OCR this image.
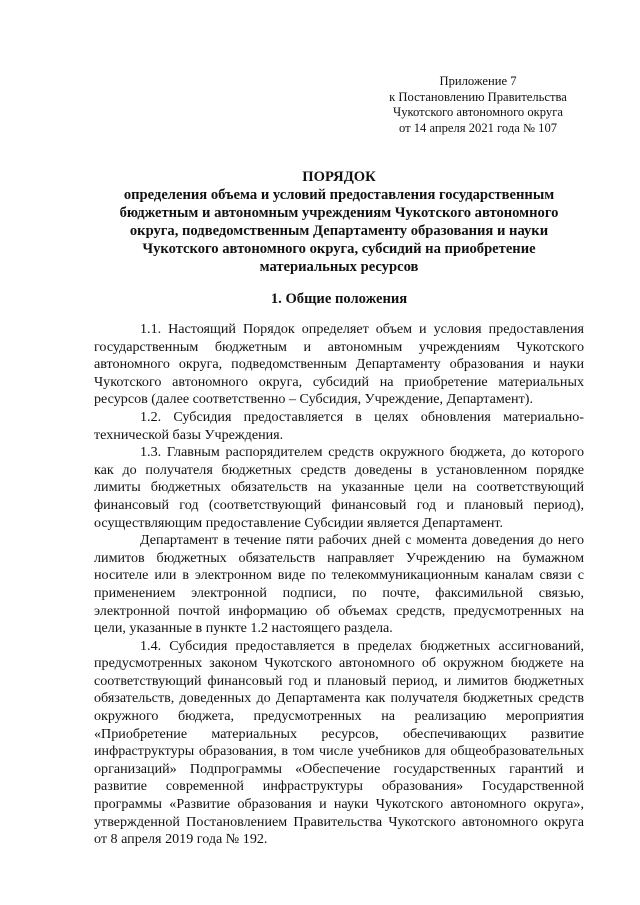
Приложение 7
к Постановлению Правительства
Чукотского автономного округа
от 14 апреля 2021 года № 107
ПОРЯДОК
определения объема и условий предоставления государственным
бюджетным и автономным учреждениям Чукотского автономного
округа, подведомственным Департаменту образования и науки
Чукотского автономного округа, субсидий на приобретение
материальных ресурсов
1. Общие положения

1.1. Настоящий Порядок определяет объем и условия предоставления государственным бюджетным и автономным учреждениям Чукотского автономного округа, подведомственным Департаменту образования и науки Чукотского автономного округа, субсидий на приобретение материальных ресурсов (далее соответственно – Субсидия, Учреждение, Департамент).

1.2. Субсидия предоставляется в целях обновления материально-технической базы Учреждения.

1.3. Главным распорядителем средств окружного бюджета, до которого как до получателя бюджетных средств доведены в установленном порядке лимиты бюджетных обязательств на указанные цели на соответствующий финансовый год (соответствующий финансовый год и плановый период), осуществляющим предоставление Субсидии является Департамент.

Департамент в течение пяти рабочих дней с момента доведения до него лимитов бюджетных обязательств направляет Учреждению на бумажном носителе или в электронном виде по телекоммуникационным каналам связи с применением электронной подписи, по почте, факсимильной связью, электронной почтой информацию об объемах средств, предусмотренных на цели, указанные в пункте 1.2 настоящего раздела.

1.4. Субсидия предоставляется в пределах бюджетных ассигнований, предусмотренных законом Чукотского автономного об окружном бюджете на соответствующий финансовый год и плановый период, и лимитов бюджетных обязательств, доведенных до Департамента как получателя бюджетных средств окружного бюджета, предусмотренных на реализацию мероприятия «Приобретение материальных ресурсов, обеспечивающих развитие инфраструктуры образования, в том числе учебников для общеобразовательных организаций» Подпрограммы «Обеспечение государственных гарантий и развитие современной инфраструктуры образования» Государственной программы «Развитие образования и науки Чукотского автономного округа», утвержденной Постановлением Правительства Чукотского автономного округа от 8 апреля 2019 года № 192.
